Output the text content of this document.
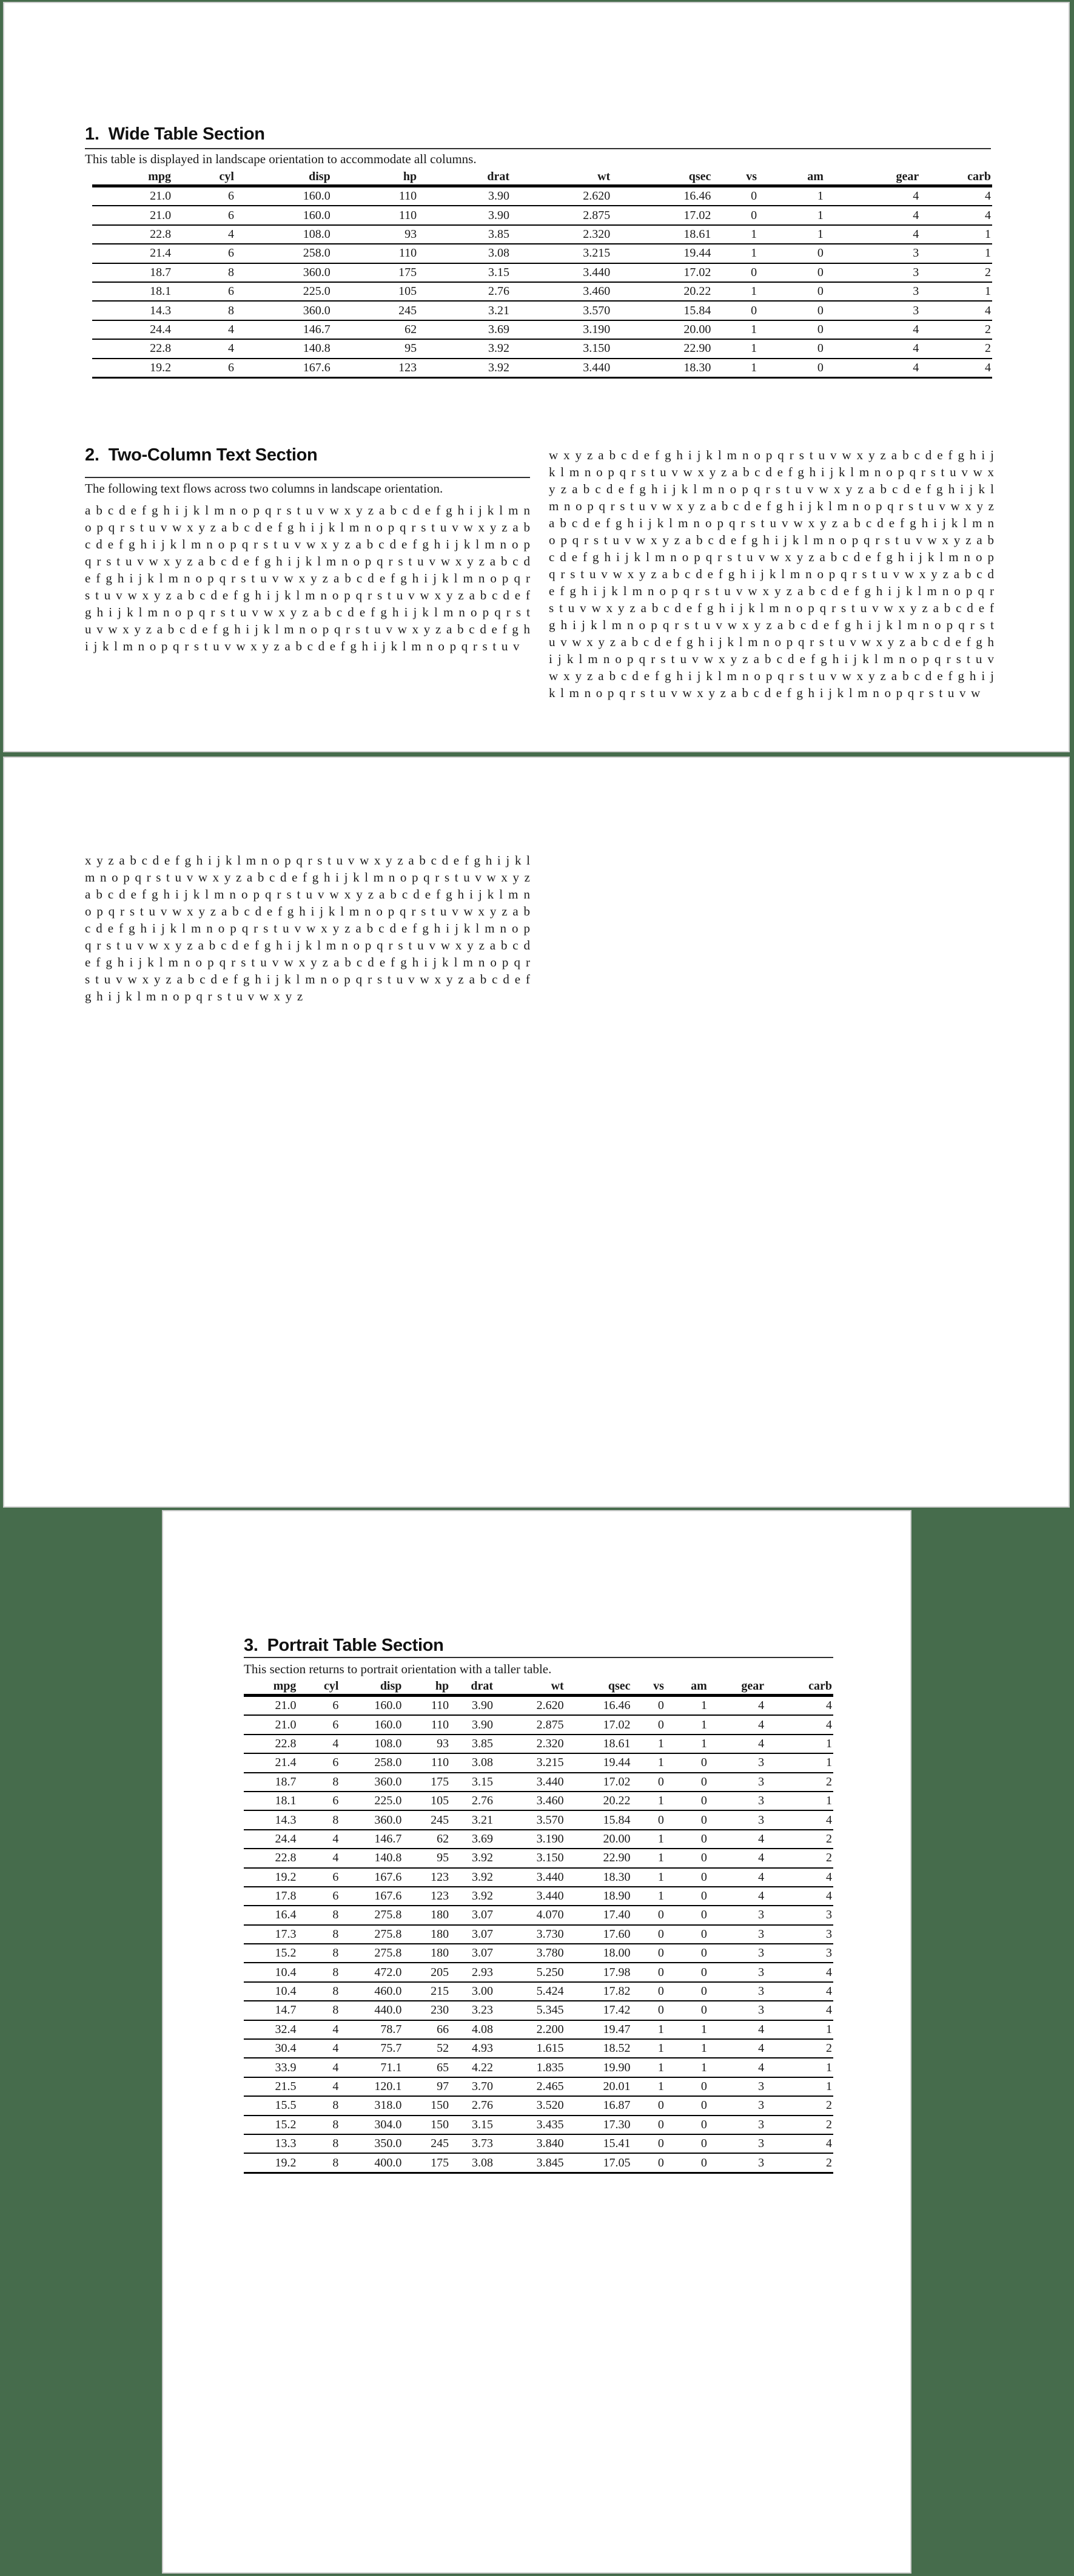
1. Wide Table Section

This table is displayed in landscape orientation to accommodate all columns.

mpg	cyl	disp	hp	drat	wt	qsec	vs	am	gear	carb
21.0	6	160.0	110	3.90	2.620	16.46	0	1	4	4
21.0	6	160.0	110	3.90	2.875	17.02	0	1	4	4
22.8	4	108.0	93	3.85	2.320	18.61	1	1	4	1
21.4	6	258.0	110	3.08	3.215	19.44	1	0	3	1
18.7	8	360.0	175	3.15	3.440	17.02	0	0	3	2
18.1	6	225.0	105	2.76	3.460	20.22	1	0	3	1
14.3	8	360.0	245	3.21	3.570	15.84	0	0	3	4
24.4	4	146.7	62	3.69	3.190	20.00	1	0	4	2
22.8	4	140.8	95	3.92	3.150	22.90	1	0	4	2
19.2	6	167.6	123	3.92	3.440	18.30	1	0	4	4
2. Two-Column Text Section

The following text flows across two columns in landscape orientation.

a b c d e f g h i j k l m n o p q r s t u v w x y z a b c d e f g h i j k l m n o p q r s t u v w x y z a b c d e f g h i j k l m n o p q r s t u v w x y z a b c d e f g h i j k l m n o p q r s t u v w x y z a b c d e f g h i j k l m n o p q r s t u v w x y z a b c d e f g h i j k l m n o p q r s t u v w x y z a b c d e f g h i j k l m n o p q r s t u v w x y z a b c d e f g h i j k l m n o p q r s t u v w x y z a b c d e f g h i j k l m n o p q r s t u v w x y z a b c d e f g h i j k l m n o p q r s t u v w x y z a b c d e f g h i j k l m n o p q r s t u v w x y z a b c d e f g h i j k l m n o p q r s t u v w x y z a b c d e f g h i j k l m n o p q r s t u v w x y z a b c d e f g h i j k l m n o p q r s t u v
w x y z a b c d e f g h i j k l m n o p q r s t u v w x y z a b c d e f g h i j k l m n o p q r s t u v w x y z a b c d e f g h i j k l m n o p q r s t u v w x y z a b c d e f g h i j k l m n o p q r s t u v w x y z a b c d e f g h i j k l m n o p q r s t u v w x y z a b c d e f g h i j k l m n o p q r s t u v w x y z a b c d e f g h i j k l m n o p q r s t u v w x y z a b c d e f g h i j k l m n o p q r s t u v w x y z a b c d e f g h i j k l m n o p q r s t u v w x y z a b c d e f g h i j k l m n o p q r s t u v w x y z a b c d e f g h i j k l m n o p q r s t u v w x y z a b c d e f g h i j k l m n o p q r s t u v w x y z a b c d e f g h i j k l m n o p q r s t u v w x y z a b c d e f g h i j k l m n o p q r s t u v w x y z a b c d e f g h i j k l m n o p q r s t u v w x y z a b c d e f g h i j k l m n o p q r s t u v w x y z a b c d e f g h i j k l m n o p q r s t u v w x y z a b c d e f g h i j k l m n o p q r s t u v w x y z a b c d e f g h i j k l m n o p q r s t u v w x y z a b c d e f g h i j k l m n o p q r s t u v w x y z a b c d e f g h i j k l m n o p q r s t u v w x y z a b c d e f g h i j k l m n o p q r s t u v w x y z a b c d e f g h i j k l m n o p q r s t u v w
x y z a b c d e f g h i j k l m n o p q r s t u v w x y z a b c d e f g h i j k l m n o p q r s t u v w x y z a b c d e f g h i j k l m n o p q r s t u v w x y z a b c d e f g h i j k l m n o p q r s t u v w x y z a b c d e f g h i j k l m n o p q r s t u v w x y z a b c d e f g h i j k l m n o p q r s t u v w x y z a b c d e f g h i j k l m n o p q r s t u v w x y z a b c d e f g h i j k l m n o p q r s t u v w x y z a b c d e f g h i j k l m n o p q r s t u v w x y z a b c d e f g h i j k l m n o p q r s t u v w x y z a b c d e f g h i j k l m n o p q r s t u v w x y z a b c d e f g h i j k l m n o p q r s t u v w x y z a b c d e f g h i j k l m n o p q r s t u v w x y z
3. Portrait Table Section

This section returns to portrait orientation with a taller table.

mpg	cyl	disp	hp	drat	wt	qsec	vs	am	gear	carb
21.0	6	160.0	110	3.90	2.620	16.46	0	1	4	4
21.0	6	160.0	110	3.90	2.875	17.02	0	1	4	4
22.8	4	108.0	93	3.85	2.320	18.61	1	1	4	1
21.4	6	258.0	110	3.08	3.215	19.44	1	0	3	1
18.7	8	360.0	175	3.15	3.440	17.02	0	0	3	2
18.1	6	225.0	105	2.76	3.460	20.22	1	0	3	1
14.3	8	360.0	245	3.21	3.570	15.84	0	0	3	4
24.4	4	146.7	62	3.69	3.190	20.00	1	0	4	2
22.8	4	140.8	95	3.92	3.150	22.90	1	0	4	2
19.2	6	167.6	123	3.92	3.440	18.30	1	0	4	4
17.8	6	167.6	123	3.92	3.440	18.90	1	0	4	4
16.4	8	275.8	180	3.07	4.070	17.40	0	0	3	3
17.3	8	275.8	180	3.07	3.730	17.60	0	0	3	3
15.2	8	275.8	180	3.07	3.780	18.00	0	0	3	3
10.4	8	472.0	205	2.93	5.250	17.98	0	0	3	4
10.4	8	460.0	215	3.00	5.424	17.82	0	0	3	4
14.7	8	440.0	230	3.23	5.345	17.42	0	0	3	4
32.4	4	78.7	66	4.08	2.200	19.47	1	1	4	1
30.4	4	75.7	52	4.93	1.615	18.52	1	1	4	2
33.9	4	71.1	65	4.22	1.835	19.90	1	1	4	1
21.5	4	120.1	97	3.70	2.465	20.01	1	0	3	1
15.5	8	318.0	150	2.76	3.520	16.87	0	0	3	2
15.2	8	304.0	150	3.15	3.435	17.30	0	0	3	2
13.3	8	350.0	245	3.73	3.840	15.41	0	0	3	4
19.2	8	400.0	175	3.08	3.845	17.05	0	0	3	2
